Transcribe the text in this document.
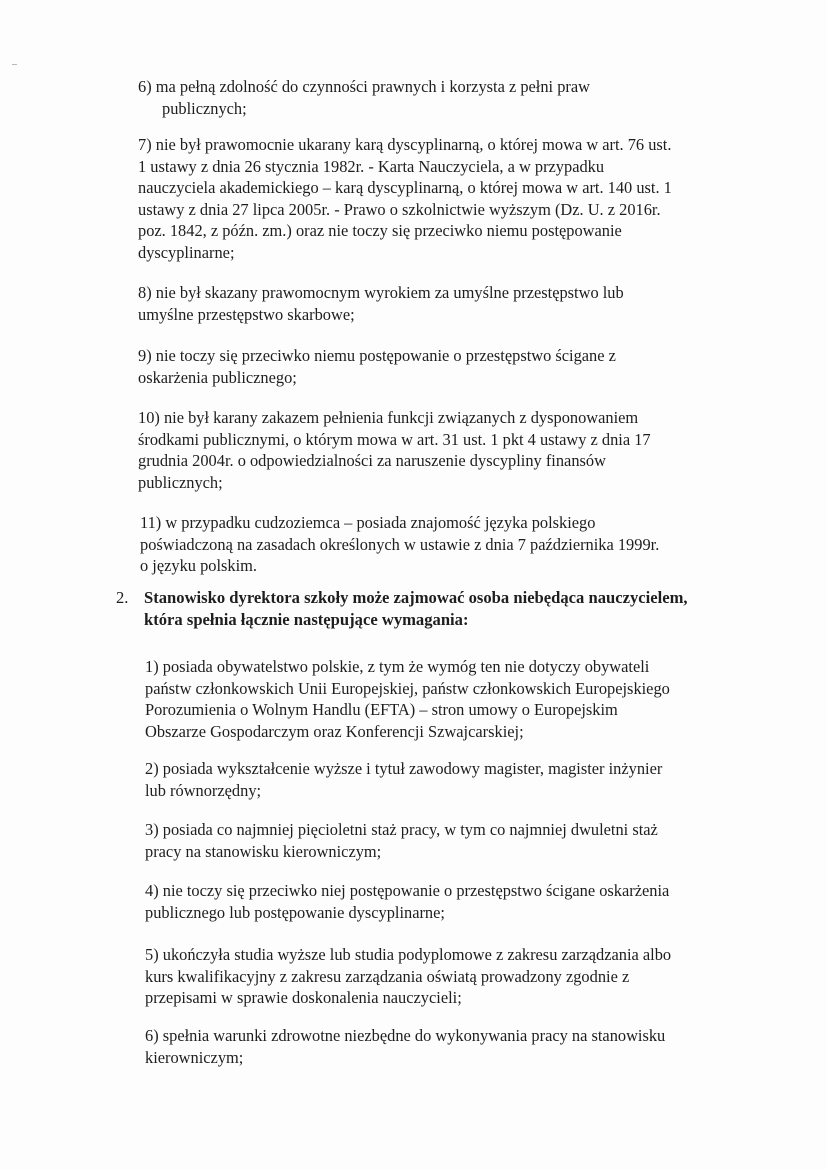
6) ma pełną zdolność do czynności prawnych i korzysta z pełni praw
publicznych;
7) nie był prawomocnie ukarany karą dyscyplinarną, o której mowa w art. 76 ust.
1 ustawy z dnia 26 stycznia 1982r. - Karta Nauczyciela, a w przypadku
nauczyciela akademickiego – karą dyscyplinarną, o której mowa w art. 140 ust. 1
ustawy z dnia 27 lipca 2005r. - Prawo o szkolnictwie wyższym (Dz. U. z 2016r.
poz. 1842, z późn. zm.) oraz nie toczy się przeciwko niemu postępowanie
dyscyplinarne;
8) nie był skazany prawomocnym wyrokiem za umyślne przestępstwo lub
umyślne przestępstwo skarbowe;
9) nie toczy się przeciwko niemu postępowanie o przestępstwo ścigane z
oskarżenia publicznego;
10) nie był karany zakazem pełnienia funkcji związanych z dysponowaniem
środkami publicznymi, o którym mowa w art. 31 ust. 1 pkt 4 ustawy z dnia 17
grudnia 2004r. o odpowiedzialności za naruszenie dyscypliny finansów
publicznych;
11) w przypadku cudzoziemca – posiada znajomość języka polskiego
poświadczoną na zasadach określonych w ustawie z dnia 7 października 1999r.
o języku polskim.
2. Stanowisko dyrektora szkoły może zajmować osoba niebędąca nauczycielem,
która spełnia łącznie następujące wymagania:
1) posiada obywatelstwo polskie, z tym że wymóg ten nie dotyczy obywateli
państw członkowskich Unii Europejskiej, państw członkowskich Europejskiego
Porozumienia o Wolnym Handlu (EFTA) – stron umowy o Europejskim
Obszarze Gospodarczym oraz Konferencji Szwajcarskiej;
2) posiada wykształcenie wyższe i tytuł zawodowy magister, magister inżynier
lub równorzędny;
3) posiada co najmniej pięcioletni staż pracy, w tym co najmniej dwuletni staż
pracy na stanowisku kierowniczym;
4) nie toczy się przeciwko niej postępowanie o przestępstwo ścigane oskarżenia
publicznego lub postępowanie dyscyplinarne;
5) ukończyła studia wyższe lub studia podyplomowe z zakresu zarządzania albo
kurs kwalifikacyjny z zakresu zarządzania oświatą prowadzony zgodnie z
przepisami w sprawie doskonalenia nauczycieli;
6) spełnia warunki zdrowotne niezbędne do wykonywania pracy na stanowisku
kierowniczym;
